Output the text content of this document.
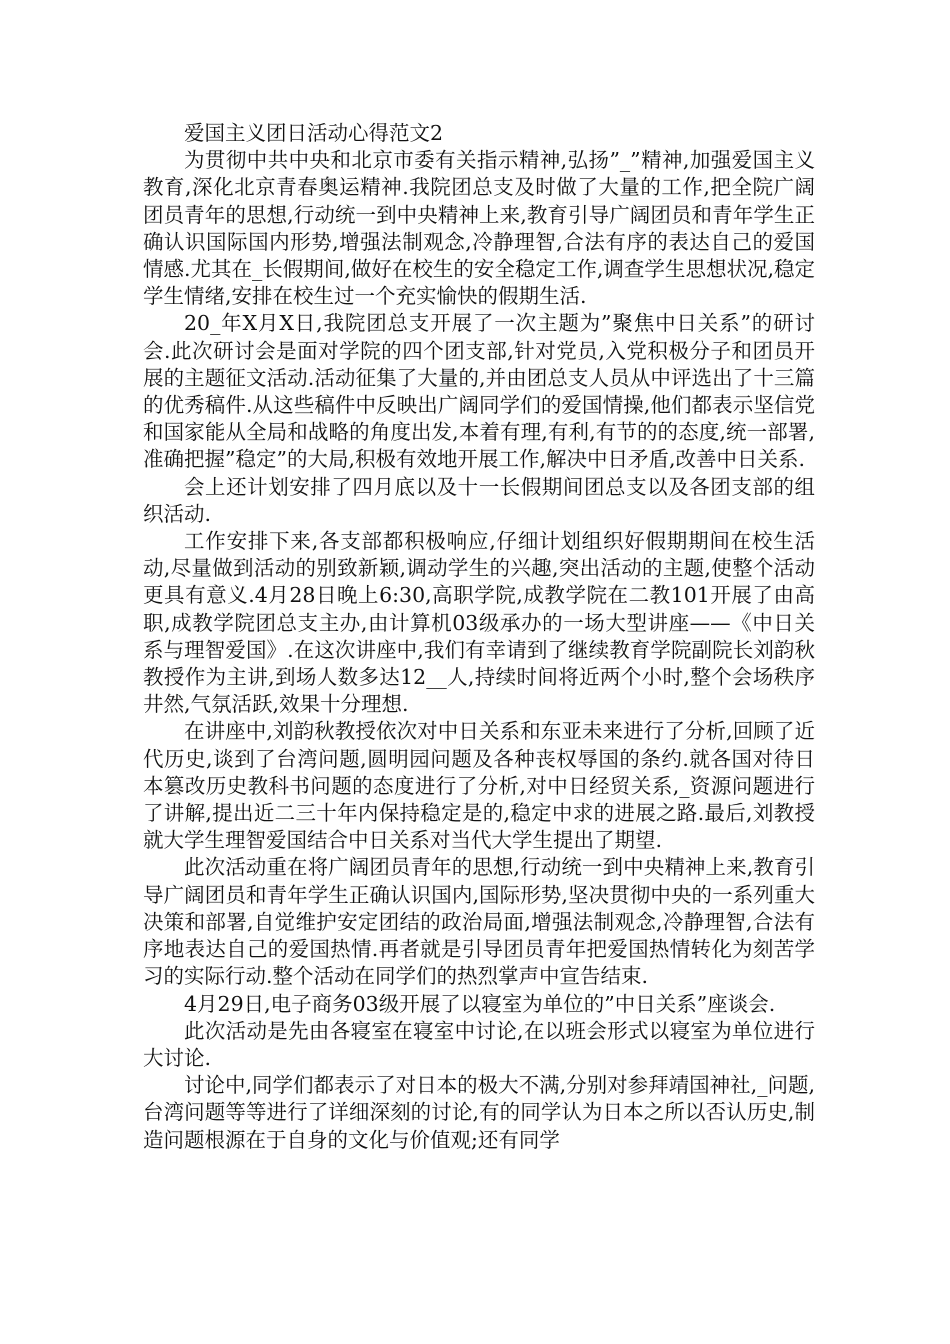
爱国主义团日活动心得范文2

为贯彻中共中央和北京市委有关指示精神,弘扬”_”精神,加强爱国主义教育,深化北京青春奥运精神.我院团总支及时做了大量的工作,把全院广阔团员青年的思想,行动统一到中央精神上来,教育引导广阔团员和青年学生正确认识国际国内形势,增强法制观念,冷静理智,合法有序的表达自己的爱国情感.尤其在_长假期间,做好在校生的安全稳定工作,调查学生思想状况,稳定学生情绪,安排在校生过一个充实愉快的假期生活.

20_年X月X日,我院团总支开展了一次主题为”聚焦中日关系”的研讨会.此次研讨会是面对学院的四个团支部,针对党员,入党积极分子和团员开展的主题征文活动.活动征集了大量的,并由团总支人员从中评选出了十三篇的优秀稿件.从这些稿件中反映出广阔同学们的爱国情操,他们都表示坚信党和国家能从全局和战略的角度出发,本着有理,有利,有节的的态度,统一部署,准确把握”稳定”的大局,积极有效地开展工作,解决中日矛盾,改善中日关系.

会上还计划安排了四月底以及十一长假期间团总支以及各团支部的组织活动.

工作安排下来,各支部都积极响应,仔细计划组织好假期期间在校生活动,尽量做到活动的别致新颖,调动学生的兴趣,突出活动的主题,使整个活动更具有意义.4月28日晚上6:30,高职学院,成教学院在二教101开展了由高职,成教学院团总支主办,由计算机03级承办的一场大型讲座——《中日关系与理智爱国》.在这次讲座中,我们有幸请到了继续教育学院副院长刘韵秋教授作为主讲,到场人数多达12__人,持续时间将近两个小时,整个会场秩序井然,气氛活跃,效果十分理想.

在讲座中,刘韵秋教授依次对中日关系和东亚未来进行了分析,回顾了近代历史,谈到了台湾问题,圆明园问题及各种丧权辱国的条约.就各国对待日本篡改历史教科书问题的态度进行了分析,对中日经贸关系,_资源问题进行了讲解,提出近二三十年内保持稳定是的,稳定中求的进展之路.最后,刘教授就大学生理智爱国结合中日关系对当代大学生提出了期望.

此次活动重在将广阔团员青年的思想,行动统一到中央精神上来,教育引导广阔团员和青年学生正确认识国内,国际形势,坚决贯彻中央的一系列重大决策和部署,自觉维护安定团结的政治局面,增强法制观念,冷静理智,合法有序地表达自己的爱国热情.再者就是引导团员青年把爱国热情转化为刻苦学习的实际行动.整个活动在同学们的热烈掌声中宣告结束.

4月29日,电子商务03级开展了以寝室为单位的”中日关系”座谈会.

此次活动是先由各寝室在寝室中讨论,在以班会形式以寝室为单位进行大讨论.

讨论中,同学们都表示了对日本的极大不满,分别对参拜靖国神社,_问题,台湾问题等等进行了详细深刻的讨论,有的同学认为日本之所以否认历史,制造问题根源在于自身的文化与价值观;还有同学
